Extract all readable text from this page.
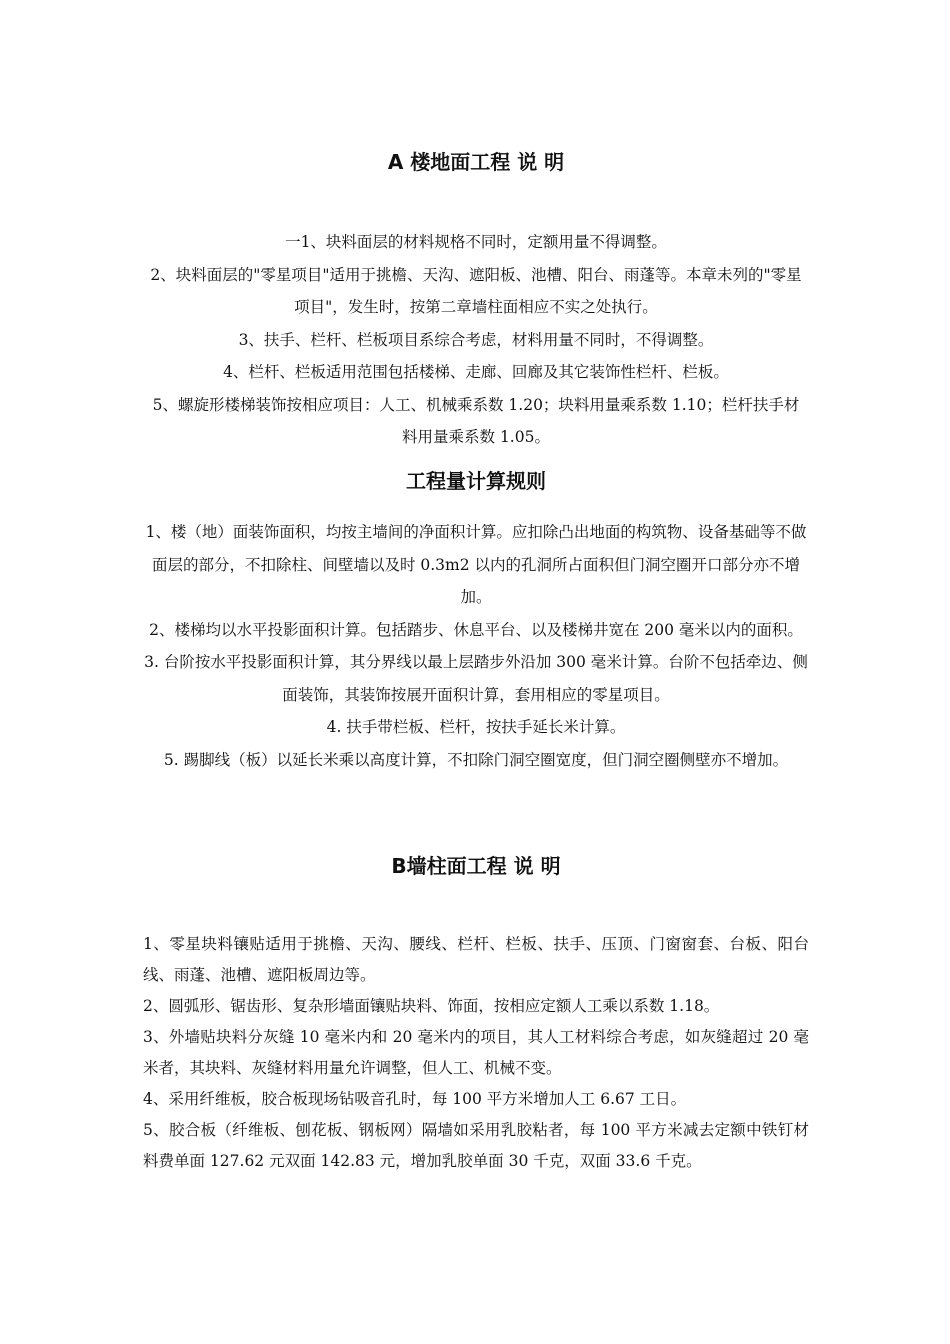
A 楼地面工程 说 明

一1、块料面层的材料规格不同时，定额用量不得调整。

2、块料面层的"零星项目"适用于挑檐、天沟、遮阳板、池槽、阳台、雨蓬等。本章未列的"零星项目"，发生时，按第二章墙柱面相应不实之处执行。

3、扶手、栏杆、栏板项目系综合考虑，材料用量不同时，不得调整。

4、栏杆、栏板适用范围包括楼梯、走廊、回廊及其它装饰性栏杆、栏板。

5、螺旋形楼梯装饰按相应项目：人工、机械乘系数 1.20；块料用量乘系数 1.10；栏杆扶手材料用量乘系数 1.05。

工程量计算规则

1、楼（地）面装饰面积，均按主墙间的净面积计算。应扣除凸出地面的构筑物、设备基础等不做面层的部分，不扣除柱、间壁墙以及时 0.3m2 以内的孔洞所占面积但门洞空圈开口部分亦不增加。

2、楼梯均以水平投影面积计算。包括踏步、休息平台、以及楼梯井宽在 200 毫米以内的面积。

3. 台阶按水平投影面积计算，其分界线以最上层踏步外沿加 300 毫米计算。台阶不包括牵边、侧面装饰，其装饰按展开面积计算，套用相应的零星项目。

4. 扶手带栏板、栏杆，按扶手延长米计算。

5. 踢脚线（板）以延长米乘以高度计算，不扣除门洞空圈宽度，但门洞空圈侧壁亦不增加。

B墙柱面工程 说 明

1、零星块料镶贴适用于挑檐、天沟、腰线、栏杆、栏板、扶手、压顶、门窗窗套、台板、阳台线、雨蓬、池槽、遮阳板周边等。

2、圆弧形、锯齿形、复杂形墙面镶贴块料、饰面，按相应定额人工乘以系数 1.18。

3、外墙贴块料分灰缝 10 毫米内和 20 毫米内的项目，其人工材料综合考虑，如灰缝超过 20 毫米者，其块料、灰缝材料用量允许调整，但人工、机械不变。

4、采用纤维板，胶合板现场钻吸音孔时，每 100 平方米增加人工 6.67 工日。

5、胶合板（纤维板、刨花板、钢板网）隔墙如采用乳胶粘者，每 100 平方米减去定额中铁钉材料费单面 127.62 元双面 142.83 元，增加乳胶单面 30 千克，双面 33.6 千克。
